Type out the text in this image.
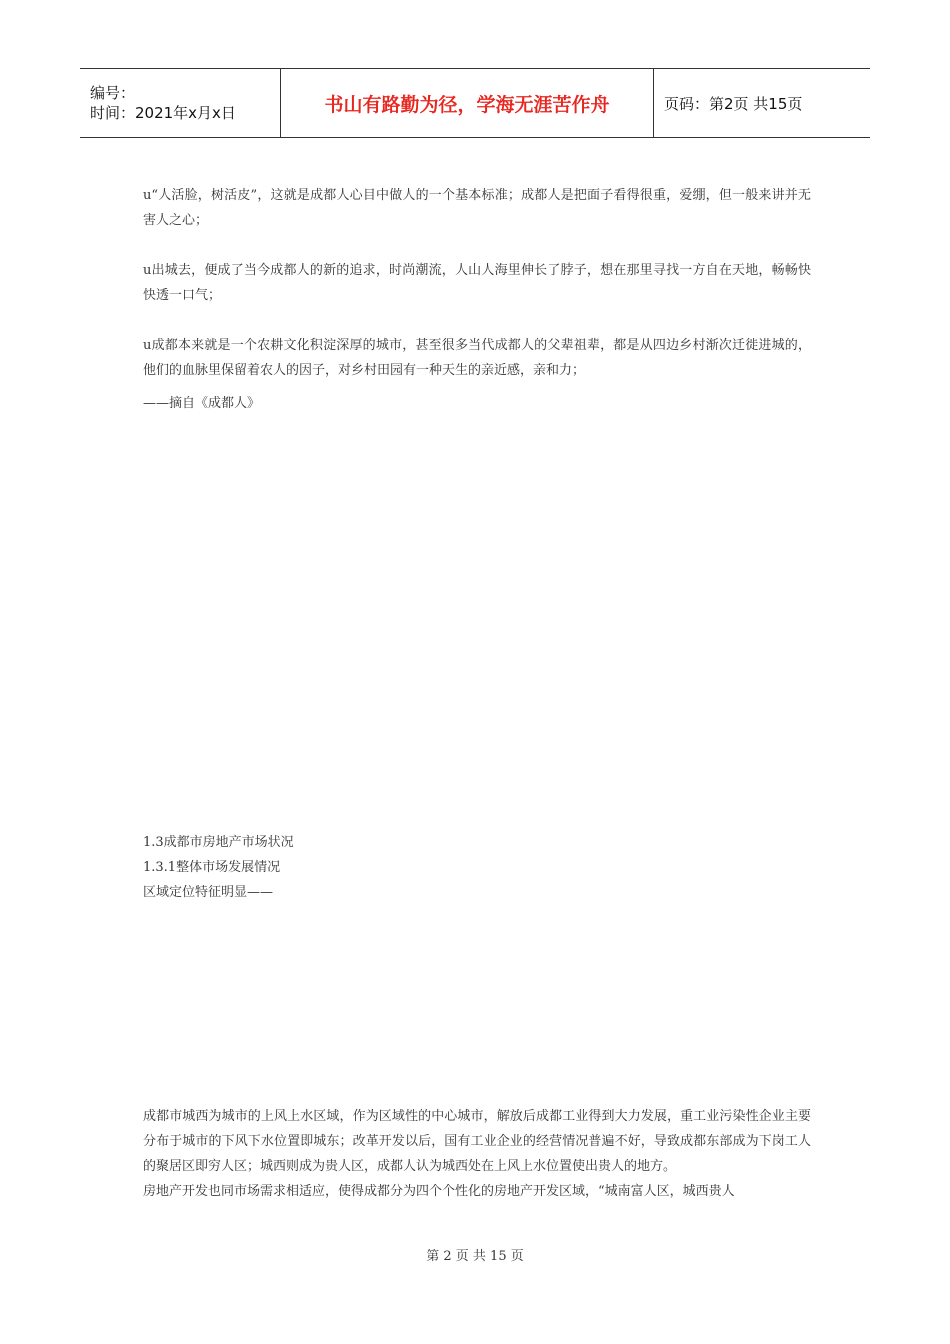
编号：
时间：2021年x月x日	书山有路勤为径，学海无涯苦作舟	页码：第2页 共15页

u“人活脸，树活皮”，这就是成都人心目中做人的一个基本标准；成都人是把面子看得很重，爱绷，但一般来讲并无害人之心；

u出城去，便成了当今成都人的新的追求，时尚潮流，人山人海里伸长了脖子，想在那里寻找一方自在天地，畅畅快快透一口气；

u成都本来就是一个农耕文化积淀深厚的城市，甚至很多当代成都人的父辈祖辈，都是从四边乡村渐次迁徙进城的，他们的血脉里保留着农人的因子，对乡村田园有一种天生的亲近感，亲和力；

——摘自《成都人》

1.3成都市房地产市场状况

1.3.1整体市场发展情况

区域定位特征明显——

成都市城西为城市的上风上水区域，作为区域性的中心城市，解放后成都工业得到大力发展，重工业污染性企业主要分布于城市的下风下水位置即城东；改革开发以后，国有工业企业的经营情况普遍不好，导致成都东部成为下岗工人的聚居区即穷人区；城西则成为贵人区，成都人认为城西处在上风上水位置使出贵人的地方。

房地产开发也同市场需求相适应，使得成都分为四个个性化的房地产开发区域，“城南富人区，城西贵人

第 2 页 共 15 页
